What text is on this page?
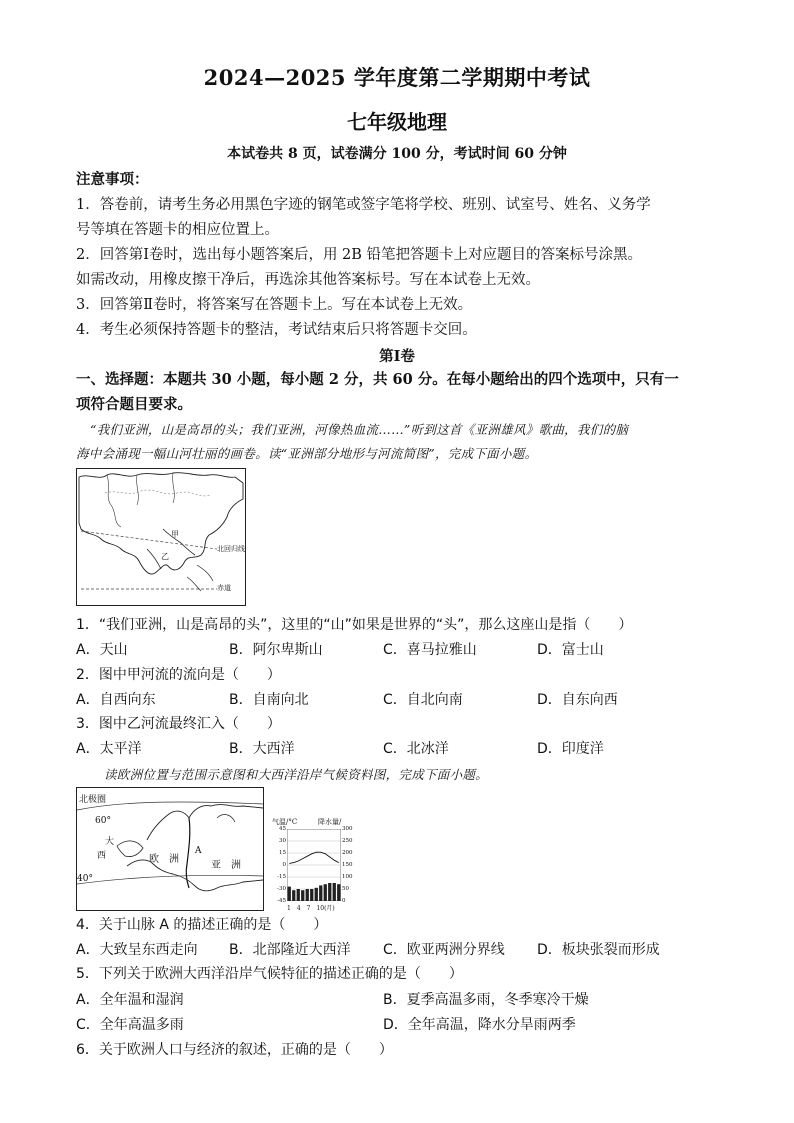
2024—2025 学年度第二学期期中考试
七年级地理
本试卷共 8 页，试卷满分 100 分，考试时间 60 分钟
注意事项：
1．答卷前，请考生务必用黑色字迹的钢笔或签字笔将学校、班别、试室号、姓名、义务学
号等填在答题卡的相应位置上。
2．回答第Ⅰ卷时，选出每小题答案后，用 2B 铅笔把答题卡上对应题目的答案标号涂黑。
如需改动，用橡皮擦干净后，再选涂其他答案标号。写在本试卷上无效。
3．回答第Ⅱ卷时，将答案写在答题卡上。写在本试卷上无效。
4．考生必须保持答题卡的整洁，考试结束后只将答题卡交回。
第Ⅰ卷
一、选择题：本题共 30 小题，每小题 2 分，共 60 分。在每小题给出的四个选项中，只有一
项符合题目要求。
“我们亚洲，山是高昂的头；我们亚洲，河像热血流……”听到这首《亚洲雄风》歌曲，我们的脑
海中会涌现一幅山河壮丽的画卷。读“亚洲部分地形与河流简图”，完成下面小题。
甲
乙
北回归线
赤道
1．“我们亚洲，山是高昂的头”，这里的“山”如果是世界的“头”，那么这座山是指（　　）
A．天山	B．阿尔卑斯山	C．喜马拉雅山	D．富士山
2．图中甲河流的流向是（　　）
A．自西向东	B．自南向北	C．自北向南	D．自东向西
3．图中乙河流最终汇入（　　）
A．太平洋	B．大西洋	C．北冰洋	D．印度洋
读欧洲位置与范围示意图和大西洋沿岸气候资料图，完成下面小题。
北极圈
60°
大
西	欧　洲
A
亚　洲
40°
气温/°C	降水量/
45
30
15
0
-15
-30
-45
300
250
200
150
100
50
0
1　4　7　10(月)
4．关于山脉 A 的描述正确的是（　　）
A．大致呈东西走向 B．北部隆近大西洋 C．欧亚两洲分界线 D．板块张裂而形成
5．下列关于欧洲大西洋沿岸气候特征的描述正确的是（　　）
A．全年温和湿润	B．夏季高温多雨，冬季寒冷干燥
C．全年高温多雨	D．全年高温，降水分旱雨两季
6．关于欧洲人口与经济的叙述，正确的是（　　）
